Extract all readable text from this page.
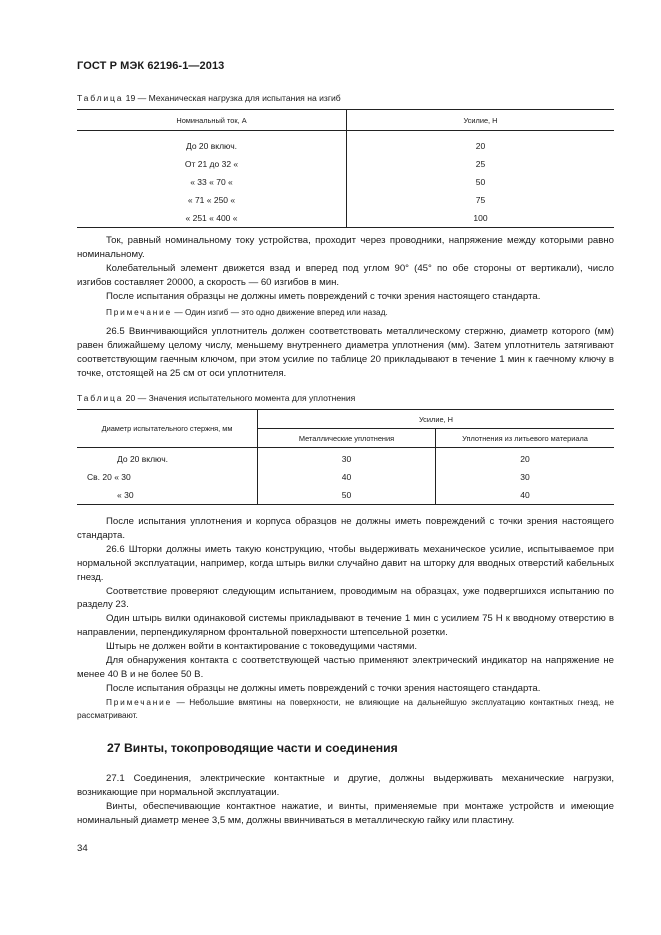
ГОСТ Р МЭК 62196-1—2013
Таблица 19 — Механическая нагрузка для испытания на изгиб
Номинальный ток, А	Усилие, Н

До 20 включ.	20
От 21 до 32 «	25
« 33 « 70 «	50
« 71 « 250 «	75
« 251 « 400 «	100

Ток, равный номинальному току устройства, проходит через проводники, напряжение между которыми равно номинальному.

Колебательный элемент движется взад и вперед под углом 90° (45° по обе стороны от вертикали), число изгибов составляет 20000, а скорость — 60 изгибов в мин.

После испытания образцы не должны иметь повреждений с точки зрения настоящего стандарта.

Примечание — Один изгиб — это одно движение вперед или назад.

26.5 Ввинчивающийся уплотнитель должен соответствовать металлическому стержню, диаметр которого (мм) равен ближайшему целому числу, меньшему внутреннего диаметра уплотнения (мм). Затем уплотнитель затягивают соответствующим гаечным ключом, при этом усилие по таблице 20 прикладывают в течение 1 мин к гаечному ключу в точке, отстоящей на 25 см от оси уплотнителя.

Таблица 20 — Значения испытательного момента для уплотнения
Диаметр испытательного стержня, мм	Усилие, Н	
	Металлические уплотнения	Уплотнения из литьевого материала

До 20 включ.	30	20
Св. 20 « 30	40	30
« 30	50	40

После испытания уплотнения и корпуса образцов не должны иметь повреждений с точки зрения настоящего стандарта.

26.6 Шторки должны иметь такую конструкцию, чтобы выдерживать механическое усилие, испытываемое при нормальной эксплуатации, например, когда штырь вилки случайно давит на шторку для вводных отверстий кабельных гнезд.

Соответствие проверяют следующим испытанием, проводимым на образцах, уже подвергшихся испытанию по разделу 23.

Один штырь вилки одинаковой системы прикладывают в течение 1 мин с усилием 75 Н к вводному отверстию в направлении, перпендикулярном фронтальной поверхности штепсельной розетки.

Штырь не должен войти в контактирование с токоведущими частями.

Для обнаружения контакта с соответствующей частью применяют электрический индикатор на напряжение не менее 40 В и не более 50 В.

После испытания образцы не должны иметь повреждений с точки зрения настоящего стандарта.

Примечание — Небольшие вмятины на поверхности, не влияющие на дальнейшую эксплуатацию контактных гнезд, не рассматривают.
27 Винты, токопроводящие части и соединения

27.1 Соединения, электрические контактные и другие, должны выдерживать механические нагрузки, возникающие при нормальной эксплуатации.

Винты, обеспечивающие контактное нажатие, и винты, применяемые при монтаже устройств и имеющие номинальный диаметр менее 3,5 мм, должны ввинчиваться в металлическую гайку или пластину.

34
